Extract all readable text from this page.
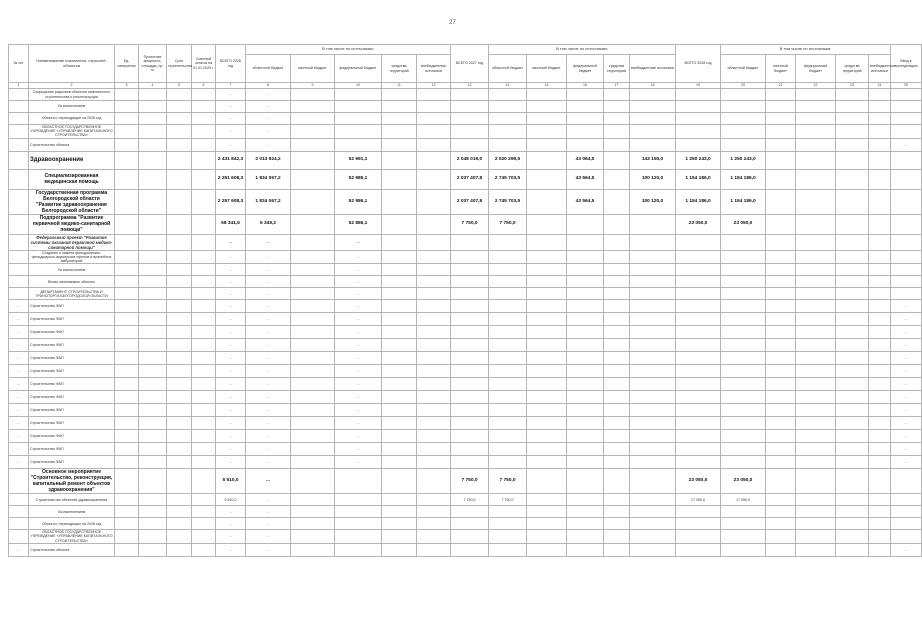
27
№ п/п	Наименование показателя, отраслей, объектов	Ед. измерения	Проектная мощность, площадь, пр. м	Срок строительства	Сметный остаток на 01.01.2025 г.	ВСЕГО 2026 год	В том числе по источникам:					ВСЕГО 2027 год	В том числе по источникам:					ВСЕГО 2028 год	В том числе по источникам:					Ввод в эксплуатацию
							областной бюджет	местный бюджет	федеральный бюджет	средства территорий	внебюджетные источники		областной бюджет	местный бюджет	федеральный бюджет	средства территорий	внебюджетные источники		областной бюджет	местный бюджет	федеральный бюджет	средства территорий	внебюджетные источники	
1	2	3	4	5	6	7	8	9	10	11	12	13	14	15	16	17	18	19	20	21	22	23	24	25
	Сокращение разрывов объектов капитального строительства и реконструкции					…	…																	
	За исключением					…	…																	
	Объекты, переходящие на 2026 год					…	…																	
	ОБЛАСТНОЕ ГОСУДАРСТВЕННОЕ УЧРЕЖДЕНИЕ «УПРАВЛЕНИЕ КАПИТАЛЬНОГО СТРОИТЕЛЬСТВА»					…	…																	
…	Строительство объекта					…	…																	…
	Здравоохранение					2 431 842,3	2 013 924,2		52 991,1			2 048 019,0	2 020 299,5		43 064,5		143 155,0	1 250 243,0	1 250 243,0					
	Специализированная медицинская помощь					2 251 608,3	1 834 067,2		52 986,1			2 037 407,8	2 745 703,5		43 564,5		100 120,0	1 154 186,0	1 154 186,0					
	Государственная программа Белгородской области "Развитие здравоохранения Белгородской области"					2 257 608,3	1 834 067,2		52 986,1			2 037 407,8	2 745 703,5		43 564,5		100 120,0	1 154 186,0	1 154 186,0					
	Подпрограмма "Развитие первичной медико-санитарной помощи"					58 341,5	6 349,2		52 886,1			7 750,0	7 750,0					23 050,0	23 050,0					
	Федеральный проект "Развитие системы оказания первичной медико-санитарной помощи"					…	…		…															
	Создание и замена фельдшерских, фельдшерско-акушерских пунктов и врачебных амбулаторий					…	…		…															
	За исключением					…	…		…															
	Вновь начинаемые объекты					…	…		…															
	ДЕПАРТАМЕНТ СТРОИТЕЛЬСТВА И ТРАНСПОРТА БЕЛГОРОДСКОЙ ОБЛАСТИ					…	…		…															
…	Строительство ФАП					…	…		…															…
…	Строительство ФАП					…	…		…															…
…	Строительство ФАП					…	…		…															…
…	Строительство ФАП					…	…		…															…
…	Строительство ФАП					…	…		…															…
…	Строительство ФАП					…	…		…															…
…	Строительство ФАП					…	…		…															…
…	Строительство ФАП					…	…		…															…
…	Строительство ФАП					…	…		…															…
…	Строительство ФАП					…	…		…															…
…	Строительство ФАП					…	…		…															…
…	Строительство ФАП					…	…		…															…
…	Строительство ФАП					…	…		…															…
	Основное мероприятие "Строительство, реконструкция, капитальный ремонт объектов здравоохранения"					5 510,0	…					7 750,0	7 750,0					23 050,0	23 050,0					
	Строительство объектов здравоохранения					5 510,0	…					7 750,0	7 750,0					17 050,0	17 050,0					
	За исключением					…	…																	
	Объекты, переходящие на 2026 год					…	…																	
	ОБЛАСТНОЕ ГОСУДАРСТВЕННОЕ УЧРЕЖДЕНИЕ «УПРАВЛЕНИЕ КАПИТАЛЬНОГО СТРОИТЕЛЬСТВА»					…	…																	
…	Строительство объекта					…	…																	…
